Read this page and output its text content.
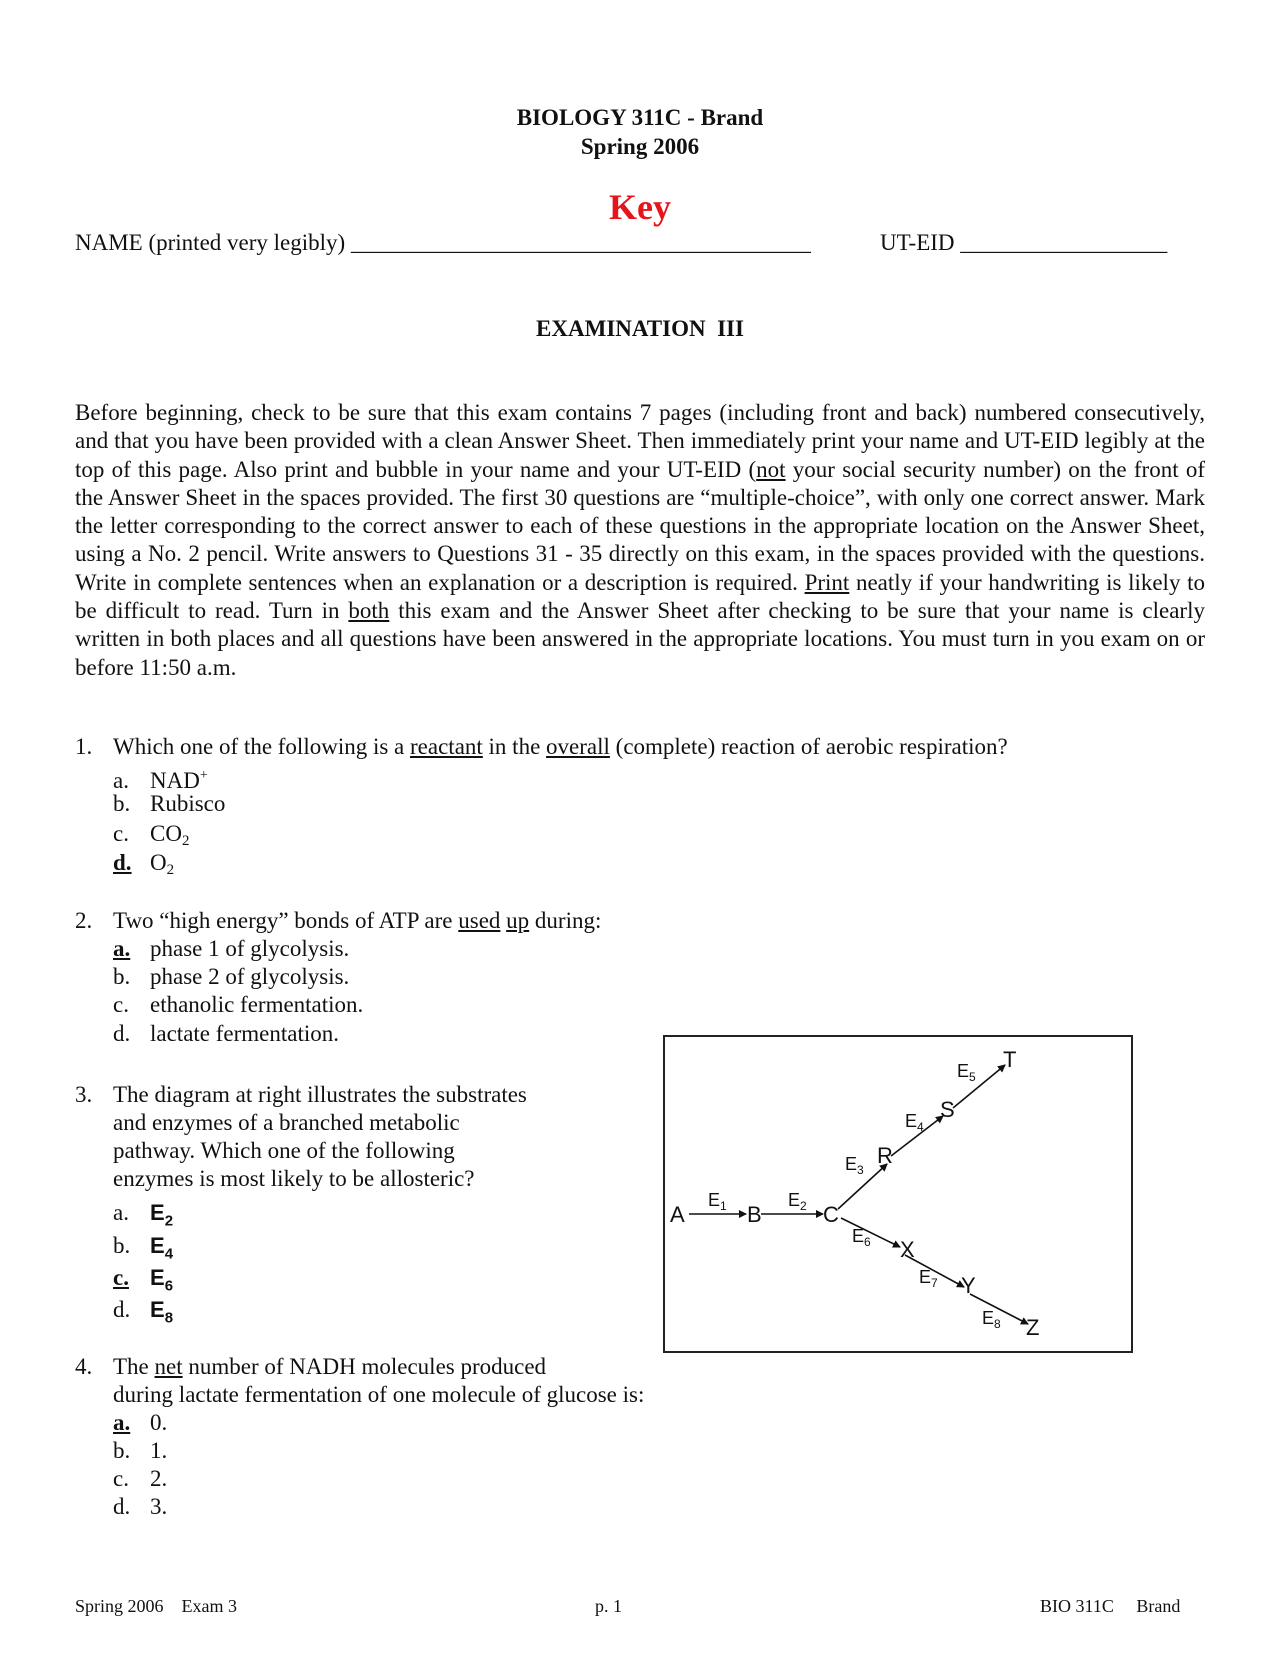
BIOLOGY 311C - Brand
Spring 2006
Key
NAME (printed very legibly) ________________________________________	UT-EID __________________
EXAMINATION  III
Before beginning, check to be sure that this exam contains 7 pages (including front and back) numbered consecutively, and that you have been provided with a clean Answer Sheet. Then immediately print your name and UT-EID legibly at the top of this page. Also print and bubble in your name and your UT-EID (not your social security number) on the front of the Answer Sheet in the spaces provided. The first 30 questions are “multiple-choice”, with only one correct answer. Mark the letter corresponding to the correct answer to each of these questions in the appropriate location on the Answer Sheet, using a No. 2 pencil. Write answers to Questions 31 - 35 directly on this exam, in the spaces provided with the questions. Write in complete sentences when an explanation or a description is required. Print neatly if your handwriting is likely to be difficult to read. Turn in both this exam and the Answer Sheet after checking to be sure that your name is clearly written in both places and all questions have been answered in the appropriate locations. You must turn in you exam on or before 11:50 a.m.
1. Which one of the following is a reactant in the overall (complete) reaction of aerobic respiration?
a. NAD+
b. Rubisco
c. $CO_2$
d. $O_2$
2. Two “high energy” bonds of ATP are used up during:
a. phase 1 of glycolysis.
b. phase 2 of glycolysis.
c. ethanolic fermentation.
d. lactate fermentation.
3. The diagram at right illustrates the substrates
and enzymes of a branched metabolic
pathway. Which one of the following
enzymes is most likely to be allosteric?
a. $E_2$
b. $E_4$
c. $E_6$
d. $E_8$
A	B	C
R
S
T
X
Y
Z
$E_1$	$E_2$
$E_3$
$E_4$
$E_5$
$E_6$
$E_7$
$E_8$
4. The net number of NADH molecules produced
during lactate fermentation of one molecule of glucose is:
a. 0.
b. 1.
c. 2.
d. 3.
Spring 2006    Exam 3	p. 1	BIO 311C     Brand
